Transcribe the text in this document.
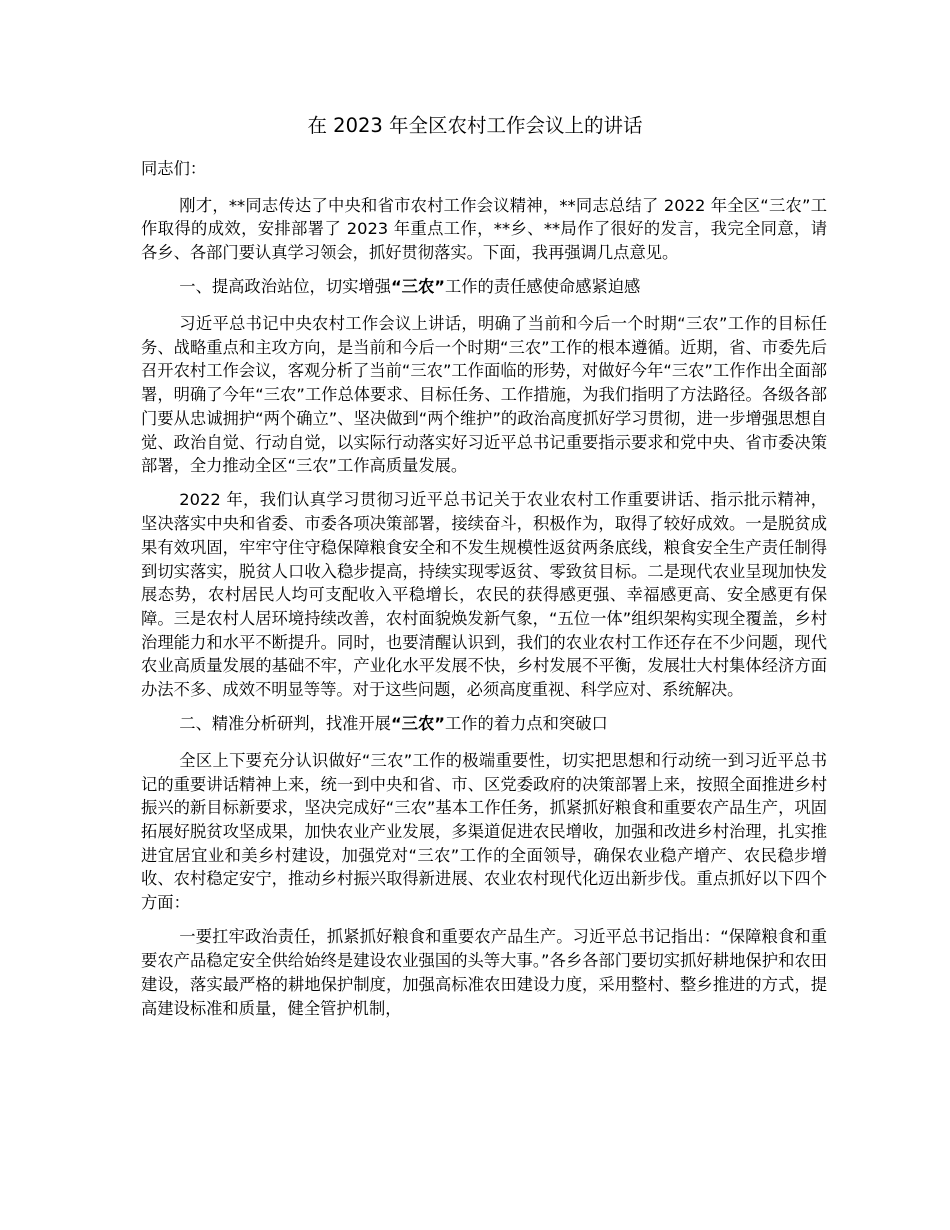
在 2023 年全区农村工作会议上的讲话

同志们：

刚才，**同志传达了中央和省市农村工作会议精神，**同志总结了 2022 年全区“三农”工作取得的成效，安排部署了 2023 年重点工作，**乡、**局作了很好的发言，我完全同意，请各乡、各部门要认真学习领会，抓好贯彻落实。下面，我再强调几点意见。

一、提高政治站位，切实增强“三农”工作的责任感使命感紧迫感

习近平总书记中央农村工作会议上讲话，明确了当前和今后一个时期“三农”工作的目标任务、战略重点和主攻方向，是当前和今后一个时期“三农”工作的根本遵循。近期，省、市委先后召开农村工作会议，客观分析了当前“三农”工作面临的形势，对做好今年“三农”工作作出全面部署，明确了今年“三农”工作总体要求、目标任务、工作措施，为我们指明了方法路径。各级各部门要从忠诚拥护“两个确立”、坚决做到“两个维护”的政治高度抓好学习贯彻，进一步增强思想自觉、政治自觉、行动自觉，以实际行动落实好习近平总书记重要指示要求和党中央、省市委决策部署，全力推动全区“三农”工作高质量发展。

2022 年，我们认真学习贯彻习近平总书记关于农业农村工作重要讲话、指示批示精神，坚决落实中央和省委、市委各项决策部署，接续奋斗，积极作为，取得了较好成效。一是脱贫成果有效巩固，牢牢守住守稳保障粮食安全和不发生规模性返贫两条底线，粮食安全生产责任制得到切实落实，脱贫人口收入稳步提高，持续实现零返贫、零致贫目标。二是现代农业呈现加快发展态势，农村居民人均可支配收入平稳增长，农民的获得感更强、幸福感更高、安全感更有保障。三是农村人居环境持续改善，农村面貌焕发新气象，“五位一体”组织架构实现全覆盖，乡村治理能力和水平不断提升。同时，也要清醒认识到，我们的农业农村工作还存在不少问题，现代农业高质量发展的基础不牢，产业化水平发展不快，乡村发展不平衡，发展壮大村集体经济方面办法不多、成效不明显等等。对于这些问题，必须高度重视、科学应对、系统解决。

二、精准分析研判，找准开展“三农”工作的着力点和突破口

全区上下要充分认识做好“三农”工作的极端重要性，切实把思想和行动统一到习近平总书记的重要讲话精神上来，统一到中央和省、市、区党委政府的决策部署上来，按照全面推进乡村振兴的新目标新要求，坚决完成好“三农”基本工作任务，抓紧抓好粮食和重要农产品生产，巩固拓展好脱贫攻坚成果，加快农业产业发展，多渠道促进农民增收，加强和改进乡村治理，扎实推进宜居宜业和美乡村建设，加强党对“三农”工作的全面领导，确保农业稳产增产、农民稳步增收、农村稳定安宁，推动乡村振兴取得新进展、农业农村现代化迈出新步伐。重点抓好以下四个方面：

一要扛牢政治责任，抓紧抓好粮食和重要农产品生产。习近平总书记指出：“保障粮食和重要农产品稳定安全供给始终是建设农业强国的头等大事。”各乡各部门要切实抓好耕地保护和农田建设，落实最严格的耕地保护制度，加强高标准农田建设力度，采用整村、整乡推进的方式，提高建设标准和质量，健全管护机制，
